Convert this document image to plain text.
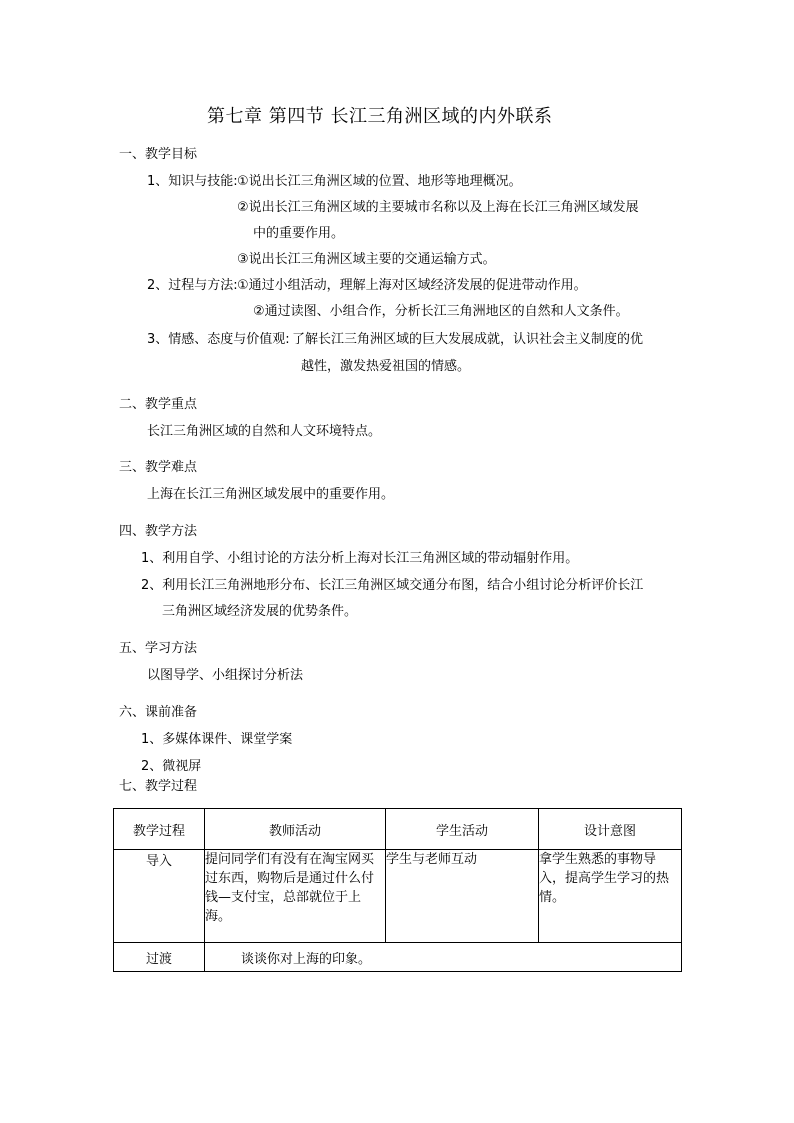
第七章 第四节 长江三角洲区域的内外联系
一、教学目标
1、知识与技能: ①说出长江三角洲区域的位置、地形等地理概况。
②说出长江三角洲区域的主要城市名称以及上海在长江三角洲区域发展
中的重要作用。
③说出长江三角洲区域主要的交通运输方式。
2、过程与方法: ①通过小组活动，理解上海对区域经济发展的促进带动作用。
②通过读图、小组合作，分析长江三角洲地区的自然和人文条件。
3、情感、态度与价值观: 了解长江三角洲区域的巨大发展成就，认识社会主义制度的优
越性，激发热爱祖国的情感。
二、教学重点
长江三角洲区域的自然和人文环境特点。
三、教学难点
上海在长江三角洲区域发展中的重要作用。
四、教学方法
1、利用自学、小组讨论的方法分析上海对长江三角洲区域的带动辐射作用。
2、利用长江三角洲地形分布、长江三角洲区域交通分布图，结合小组讨论分析评价长江
三角洲区域经济发展的优势条件。
五、学习方法
以图导学、小组探讨分析法
六、课前准备
1、多媒体课件、课堂学案
2、微视屏
七、教学过程
教学过程	教师活动	学生活动	设计意图
导入	提问同学们有没有在淘宝网买过东西，购物后是通过什么付钱—支付宝，总部就位于上海。	学生与老师互动	拿学生熟悉的事物导入，提高学生学习的热情。
过渡	谈谈你对上海的印象。		
